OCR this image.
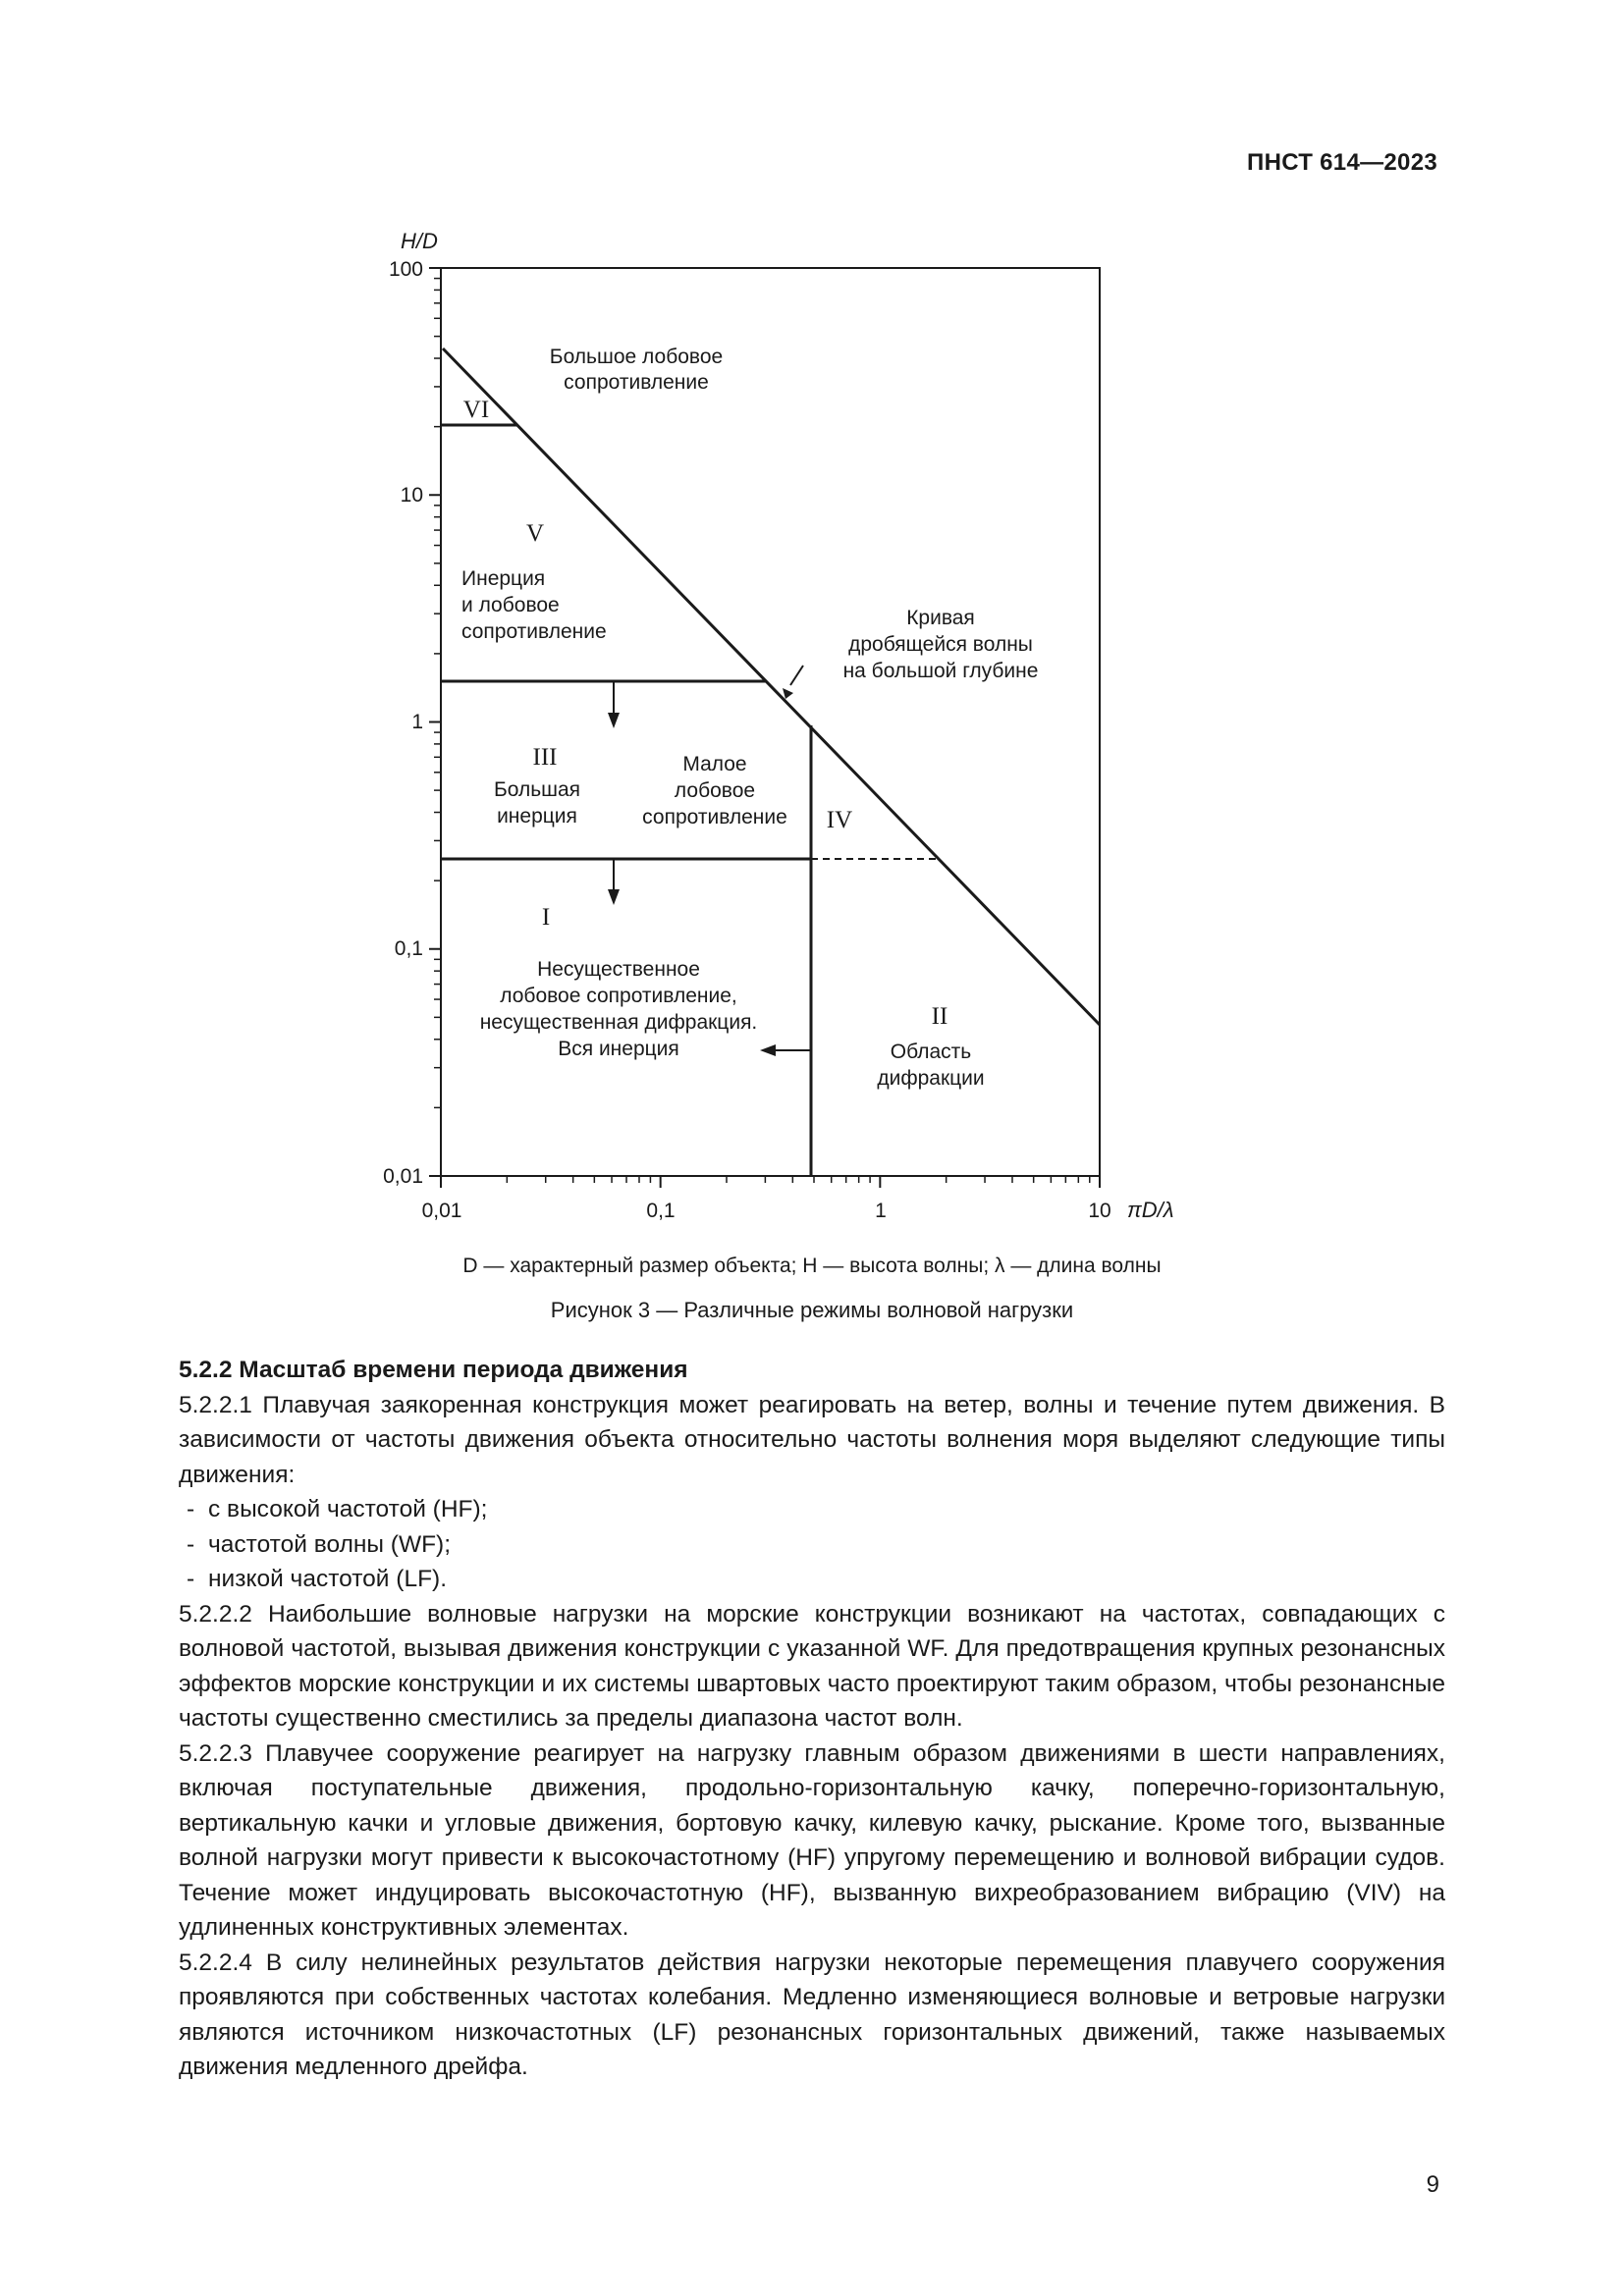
ПНСТ 614—2023
H/D
πD/λ
100
10
1
0,1
0,01
0,01	0,1	1	10
Большое лобовое
сопротивление
VI
V
Инерция
и лобовое
сопротивление
Кривая
дробящейся волны
на большой глубине
III
Большая
инерция
Малое
лобовое
сопротивление IV
I
Несущественное
лобовое сопротивление,
несущественная дифракция.
Вся инерция
II
Область
дифракции
D — характерный размер объекта; H — высота волны; λ — длина волны
Рисунок 3 — Различные режимы волновой нагрузки
5.2.2 Масштаб времени периода движения

5.2.2.1 Плавучая заякоренная конструкция может реагировать на ветер, волны и течение путем движения. В зависимости от частоты движения объекта относительно частоты волнения моря выделяют следующие типы движения:

- с высокой частотой (HF);

- частотой волны (WF);

- низкой частотой (LF).

5.2.2.2 Наибольшие волновые нагрузки на морские конструкции возникают на частотах, совпадающих с волновой частотой, вызывая движения конструкции с указанной WF. Для предотвращения крупных резонансных эффектов морские конструкции и их системы швартовых часто проектируют таким образом, чтобы резонансные частоты существенно сместились за пределы диапазона частот волн.

5.2.2.3 Плавучее сооружение реагирует на нагрузку главным образом движениями в шести направлениях, включая поступательные движения, продольно-горизонтальную качку, поперечно-горизонтальную, вертикальную качки и угловые движения, бортовую качку, килевую качку, рыскание. Кроме того, вызванные волной нагрузки могут привести к высокочастотному (HF) упругому перемещению и волновой вибрации судов. Течение может индуцировать высокочастотную (HF), вызванную вихреобразованием вибрацию (VIV) на удлиненных конструктивных элементах.

5.2.2.4 В силу нелинейных результатов действия нагрузки некоторые перемещения плавучего сооружения проявляются при собственных частотах колебания. Медленно изменяющиеся волновые и ветровые нагрузки являются источником низкочастотных (LF) резонансных горизонтальных движений, также называемых движения медленного дрейфа.

9
